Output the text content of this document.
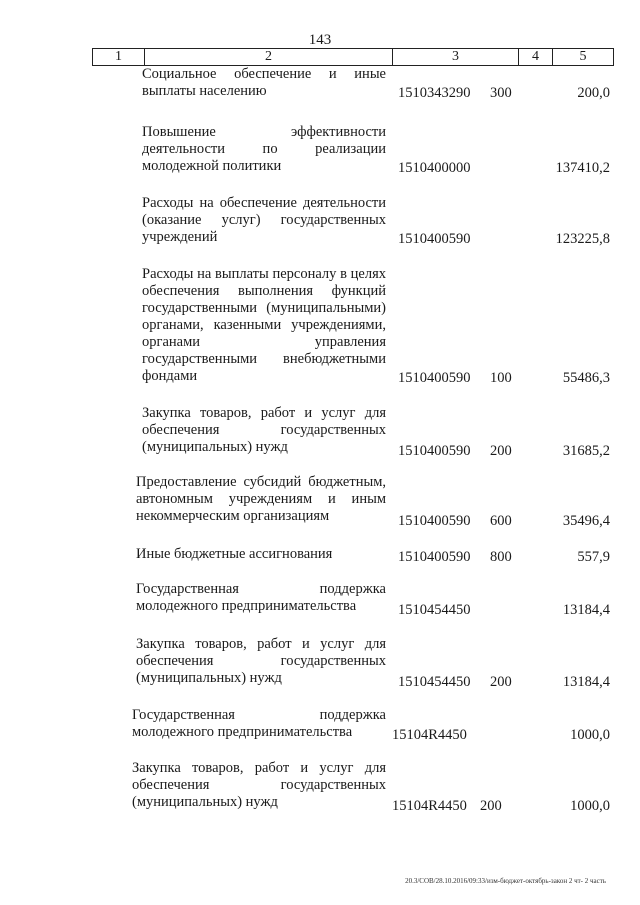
143
1	2	3	4	5
Социальное обеспечение и иные выплаты населению	1510343290 300	200,0
Повышение эффективности деятельности по реализации молодежной политики	1510400000	137410,2
Расходы на обеспечение деятельности (оказание услуг) государственных учреждений	1510400590	123225,8
Расходы на выплаты персоналу в целях обеспечения выполнения функций государственными (муниципальными) органами, казенными учреждениями, органами управления государственными внебюджетными фондами	1510400590 100	55486,3
Закупка товаров, работ и услуг для обеспечения государственных (муниципальных) нужд	1510400590 200	31685,2
Предоставление субсидий бюджетным, автономным учреждениям и иным некоммерческим организациям	1510400590 600	35496,4
Иные бюджетные ассигнования	1510400590 800	557,9
Государственная поддержка молодежного предпринимательства	1510454450	13184,4
Закупка товаров, работ и услуг для обеспечения государственных (муниципальных) нужд	1510454450 200	13184,4
Государственная поддержка молодежного предпринимательства	15104R4450	1000,0
Закупка товаров, работ и услуг для обеспечения государственных (муниципальных) нужд	15104R4450 200	1000,0
20.3/СОВ/28.10.2016/09:33/изм-бюджет-октябрь-закон 2 чт- 2 часть
